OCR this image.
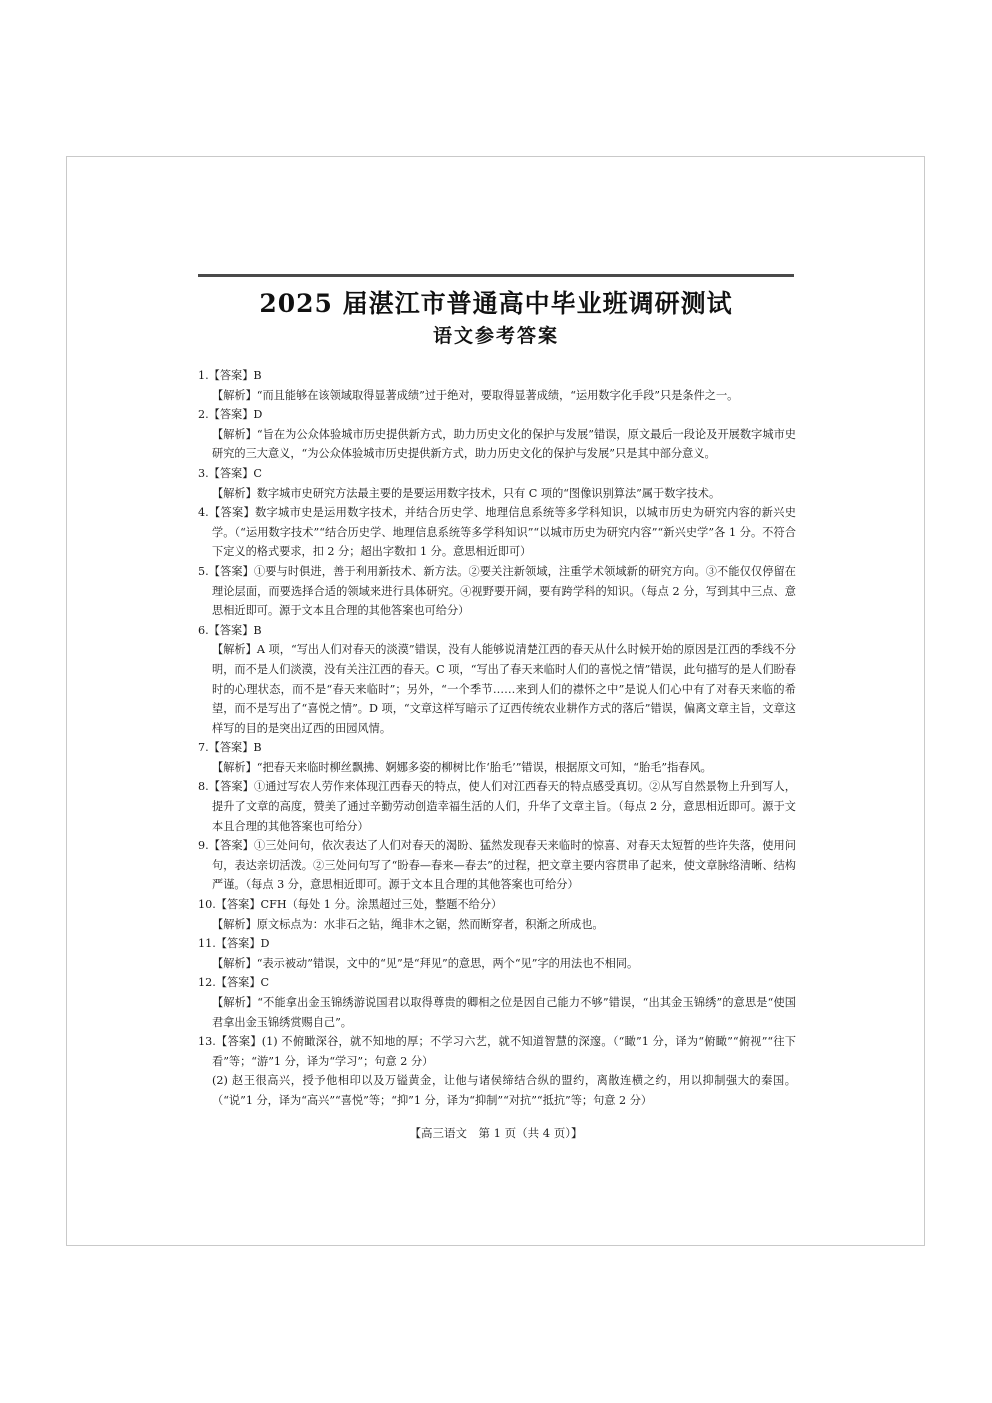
2025 届湛江市普通高中毕业班调研测试
语文参考答案

1.【答案】B

【解析】“而且能够在该领域取得显著成绩”过于绝对，要取得显著成绩，“运用数字化手段”只是条件之一。

2.【答案】D

【解析】“旨在为公众体验城市历史提供新方式，助力历史文化的保护与发展”错误，原文最后一段论及开展数字城市史研究的三大意义，“为公众体验城市历史提供新方式，助力历史文化的保护与发展”只是其中部分意义。

3.【答案】C

【解析】数字城市史研究方法最主要的是要运用数字技术，只有 C 项的“图像识别算法”属于数字技术。

4.【答案】数字城市史是运用数字技术，并结合历史学、地理信息系统等多学科知识，以城市历史为研究内容的新兴史学。（“运用数字技术”“结合历史学、地理信息系统等多学科知识”“以城市历史为研究内容”“新兴史学”各 1 分。不符合下定义的格式要求，扣 2 分；超出字数扣 1 分。意思相近即可）

5.【答案】①要与时俱进，善于利用新技术、新方法。②要关注新领域，注重学术领域新的研究方向。③不能仅仅停留在理论层面，而要选择合适的领域来进行具体研究。④视野要开阔，要有跨学科的知识。（每点 2 分，写到其中三点、意思相近即可。源于文本且合理的其他答案也可给分）

6.【答案】B

【解析】A 项，“写出人们对春天的淡漠”错误，没有人能够说清楚江西的春天从什么时候开始的原因是江西的季线不分明，而不是人们淡漠，没有关注江西的春天。C 项，“写出了春天来临时人们的喜悦之情”错误，此句描写的是人们盼春时的心理状态，而不是“春天来临时”；另外，“一个季节……来到人们的襟怀之中”是说人们心中有了对春天来临的希望，而不是写出了“喜悦之情”。D 项，“文章这样写暗示了辽西传统农业耕作方式的落后”错误，偏离文章主旨，文章这样写的目的是突出辽西的田园风情。

7.【答案】B

【解析】“把春天来临时柳丝飘拂、婀娜多姿的柳树比作‘胎毛’”错误，根据原文可知，“胎毛”指春风。

8.【答案】①通过写农人劳作来体现江西春天的特点，使人们对江西春天的特点感受真切。②从写自然景物上升到写人，提升了文章的高度，赞美了通过辛勤劳动创造幸福生活的人们，升华了文章主旨。（每点 2 分，意思相近即可。源于文本且合理的其他答案也可给分）

9.【答案】①三处问句，依次表达了人们对春天的渴盼、猛然发现春天来临时的惊喜、对春天太短暂的些许失落，使用问句，表达亲切活泼。②三处问句写了“盼春—春来—春去”的过程，把文章主要内容贯串了起来，使文章脉络清晰、结构严谨。（每点 3 分，意思相近即可。源于文本且合理的其他答案也可给分）

10.【答案】CFH（每处 1 分。涂黑超过三处，整题不给分）

【解析】原文标点为：水非石之钻，绳非木之锯，然而断穿者，积渐之所成也。

11.【答案】D

【解析】“表示被动”错误，文中的“见”是“拜见”的意思，两个“见”字的用法也不相同。

12.【答案】C

【解析】“不能拿出金玉锦绣游说国君以取得尊贵的卿相之位是因自己能力不够”错误，“出其金玉锦绣”的意思是“使国君拿出金玉锦绣赏赐自己”。

13.【答案】(1) 不俯瞰深谷，就不知地的厚；不学习六艺，就不知道智慧的深邃。（“瞰”1 分，译为“俯瞰”“俯视”“往下看”等；“游”1 分，译为“学习”；句意 2 分）

(2) 赵王很高兴，授予他相印以及万镒黄金，让他与诸侯缔结合纵的盟约，离散连横之约，用以抑制强大的秦国。（“说”1 分，译为“高兴”“喜悦”等；“抑”1 分，译为“抑制”“对抗”“抵抗”等；句意 2 分）

【高三语文　第 1 页（共 4 页）】
